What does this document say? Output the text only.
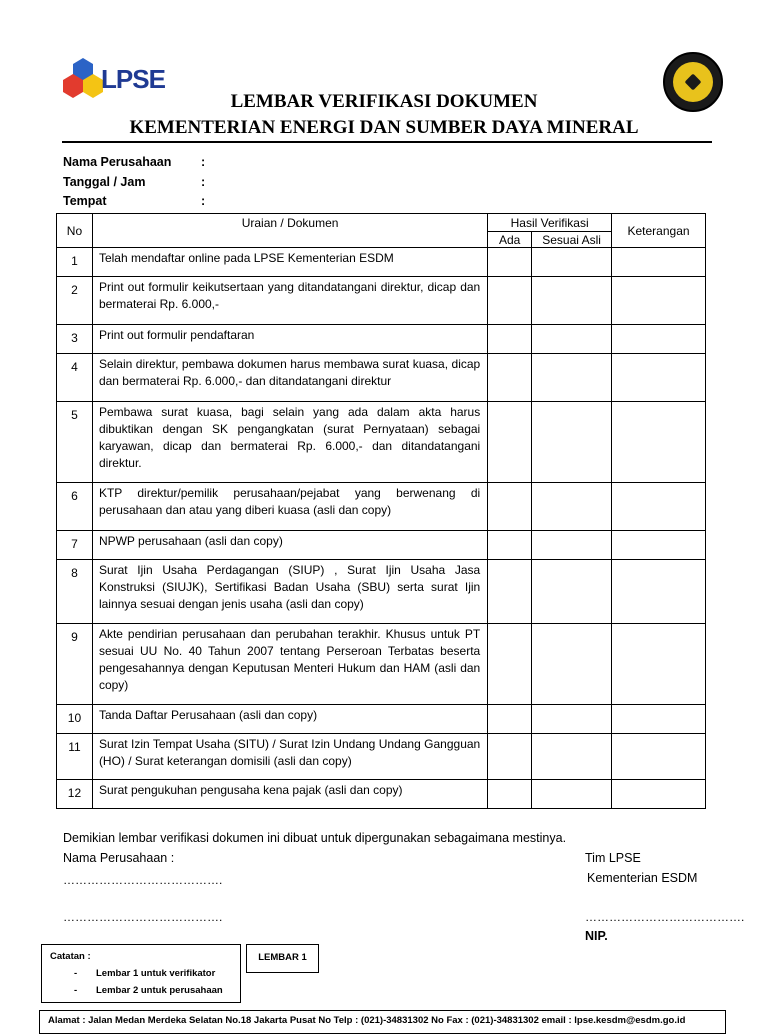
LPSE
LEMBAR VERIFIKASI DOKUMEN
KEMENTERIAN ENERGI DAN SUMBER DAYA MINERAL
Nama Perusahaan :
Tanggal / Jam	:
Tempat	:
No	Uraian / Dokumen	Hasil Verifikasi		Keterangan
		Ada	Sesuai Asli	

1	Telah mendaftar online pada LPSE Kementerian ESDM			

2	Print out formulir keikutsertaan yang ditandatangani direktur, dicap dan bermaterai Rp. 6.000,-			

3	Print out formulir pendaftaran			

4	Selain direktur, pembawa dokumen harus membawa surat kuasa, dicap dan bermaterai Rp. 6.000,- dan ditandatangani direktur			

5	Pembawa surat kuasa, bagi selain yang ada dalam akta harus dibuktikan dengan SK pengangkatan (surat Pernyataan) sebagai karyawan, dicap dan bermaterai Rp. 6.000,- dan ditandatangani direktur.			

6	KTP direktur/pemilik perusahaan/pejabat yang berwenang di perusahaan dan atau yang diberi kuasa (asli dan copy)			

7	NPWP perusahaan (asli dan copy)			

8	Surat Ijin Usaha Perdagangan (SIUP) , Surat Ijin Usaha Jasa Konstruksi (SIUJK), Sertifikasi Badan Usaha (SBU) serta surat Ijin lainnya sesuai dengan jenis usaha (asli dan copy)			

9	Akte pendirian perusahaan dan perubahan terakhir. Khusus untuk PT sesuai UU No. 40 Tahun 2007 tentang Perseroan Terbatas beserta pengesahannya dengan Keputusan Menteri Hukum dan HAM (asli dan copy)			

10	Tanda Daftar Perusahaan (asli dan copy)			

11	Surat Izin Tempat Usaha (SITU) / Surat Izin Undang Undang Gangguan (HO) / Surat keterangan domisili (asli dan copy)			

12	Surat pengukuhan pengusaha kena pajak (asli dan copy)			
Demikian lembar verifikasi dokumen ini dibuat untuk dipergunakan sebagaimana mestinya.
Nama Perusahaan :
………………………………….
………………………………….
Tim LPSE
Kementerian ESDM
………………………………….
NIP.
Catatan :
- Lembar 1 untuk verifikator
- Lembar 2 untuk perusahaan
LEMBAR 1
Alamat : Jalan Medan Merdeka Selatan No.18 Jakarta Pusat No Telp : (021)-34831302 No Fax : (021)-34831302 email : lpse.kesdm@esdm.go.id
